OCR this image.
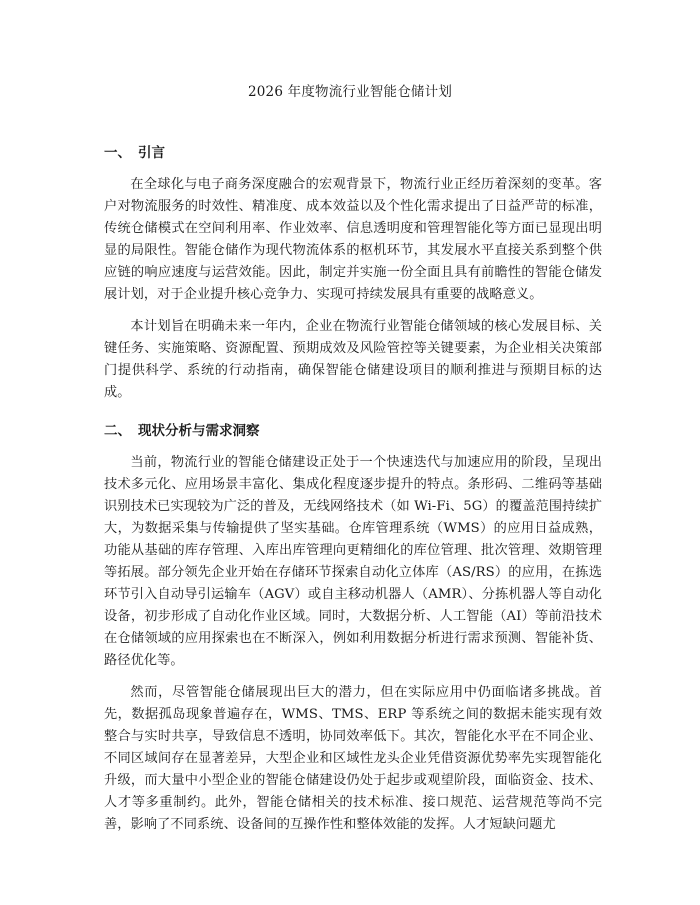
2026 年度物流行业智能仓储计划
一、 引言

在全球化与电子商务深度融合的宏观背景下，物流行业正经历着深刻的变革。客户对物流服务的时效性、精准度、成本效益以及个性化需求提出了日益严苛的标准，传统仓储模式在空间利用率、作业效率、信息透明度和管理智能化等方面已显现出明显的局限性。智能仓储作为现代物流体系的枢机环节，其发展水平直接关系到整个供应链的响应速度与运营效能。因此，制定并实施一份全面且具有前瞻性的智能仓储发展计划，对于企业提升核心竞争力、实现可持续发展具有重要的战略意义。

本计划旨在明确未来一年内，企业在物流行业智能仓储领域的核心发展目标、关键任务、实施策略、资源配置、预期成效及风险管控等关键要素，为企业相关决策部门提供科学、系统的行动指南，确保智能仓储建设项目的顺利推进与预期目标的达成。

二、 现状分析与需求洞察

当前，物流行业的智能仓储建设正处于一个快速迭代与加速应用的阶段，呈现出技术多元化、应用场景丰富化、集成化程度逐步提升的特点。条形码、二维码等基础识别技术已实现较为广泛的普及，无线网络技术（如 Wi-Fi、5G）的覆盖范围持续扩大，为数据采集与传输提供了坚实基础。仓库管理系统（WMS）的应用日益成熟，功能从基础的库存管理、入库出库管理向更精细化的库位管理、批次管理、效期管理等拓展。部分领先企业开始在存储环节探索自动化立体库（AS/RS）的应用，在拣选环节引入自动导引运输车（AGV）或自主移动机器人（AMR）、分拣机器人等自动化设备，初步形成了自动化作业区域。同时，大数据分析、人工智能（AI）等前沿技术在仓储领域的应用探索也在不断深入，例如利用数据分析进行需求预测、智能补货、路径优化等。

然而，尽管智能仓储展现出巨大的潜力，但在实际应用中仍面临诸多挑战。首先，数据孤岛现象普遍存在，WMS、TMS、ERP 等系统之间的数据未能实现有效整合与实时共享，导致信息不透明，协同效率低下。其次，智能化水平在不同企业、不同区域间存在显著差异，大型企业和区域性龙头企业凭借资源优势率先实现智能化升级，而大量中小型企业的智能仓储建设仍处于起步或观望阶段，面临资金、技术、人才等多重制约。此外，智能仓储相关的技术标准、接口规范、运营规范等尚不完善，影响了不同系统、设备间的互操作性和整体效能的发挥。人才短缺问题尤
